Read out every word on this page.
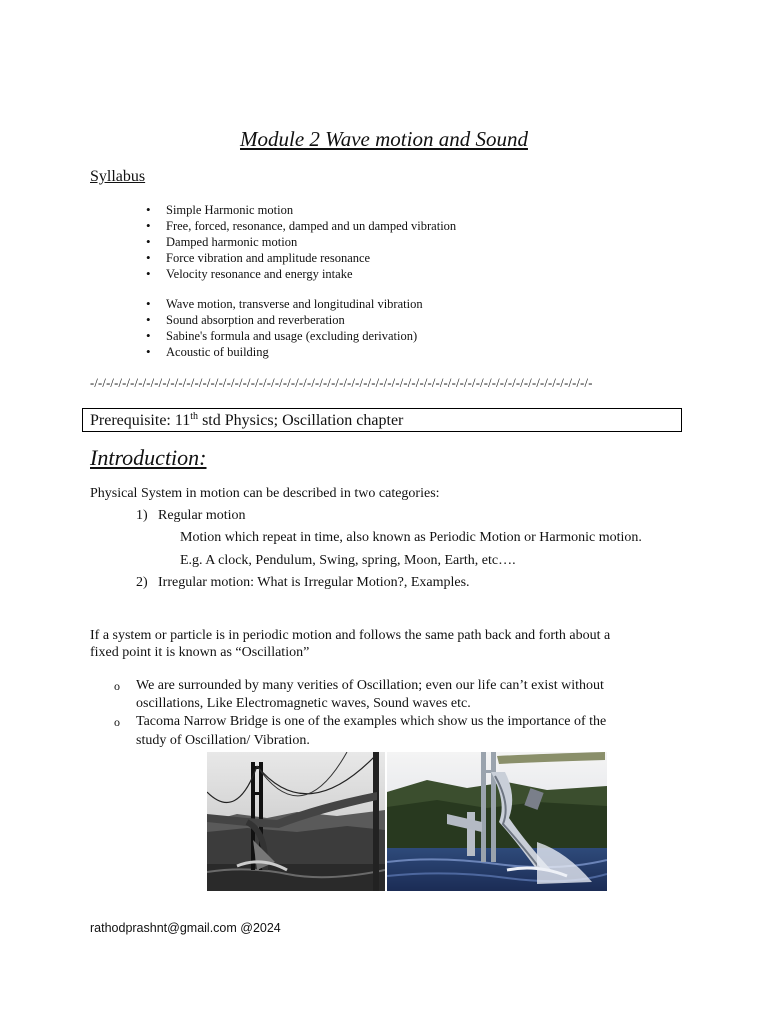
Module 2 Wave motion and Sound
Syllabus
• Simple Harmonic motion
• Free, forced, resonance, damped and un damped vibration
• Damped harmonic motion
• Force vibration and amplitude resonance
• Velocity resonance and energy intake
• Wave motion, transverse and longitudinal vibration
• Sound absorption and reverberation
• Sabine's formula and usage (excluding derivation)
• Acoustic of building
-/-/-/-/-/-/-/-/-/-/-/-/-/-/-/-/-/-/-/-/-/-/-/-/-/-/-/-/-/-/-/-/-/-/-/-/-/-/-/-/-/-/-/-/-/-/-/-/-/-/-/-/-/-/-/-/-/-/-/-/-/-/-
Prerequisite: 11th std Physics; Oscillation chapter
Introduction:
Physical System in motion can be described in two categories:
1) Regular motion
Motion which repeat in time, also known as Periodic Motion or Harmonic motion.
E.g. A clock, Pendulum, Swing, spring, Moon, Earth, etc….
2) Irregular motion: What is Irregular Motion?, Examples.
If a system or particle is in periodic motion and follows the same path back and forth about a
fixed point it is known as “Oscillation”
o We are surrounded by many verities of Oscillation; even our life can’t exist without
oscillations, Like Electromagnetic waves, Sound waves etc.
o Tacoma Narrow Bridge is one of the examples which show us the importance of the
study of Oscillation/ Vibration.
rathodprashnt@gmail.com @2024
